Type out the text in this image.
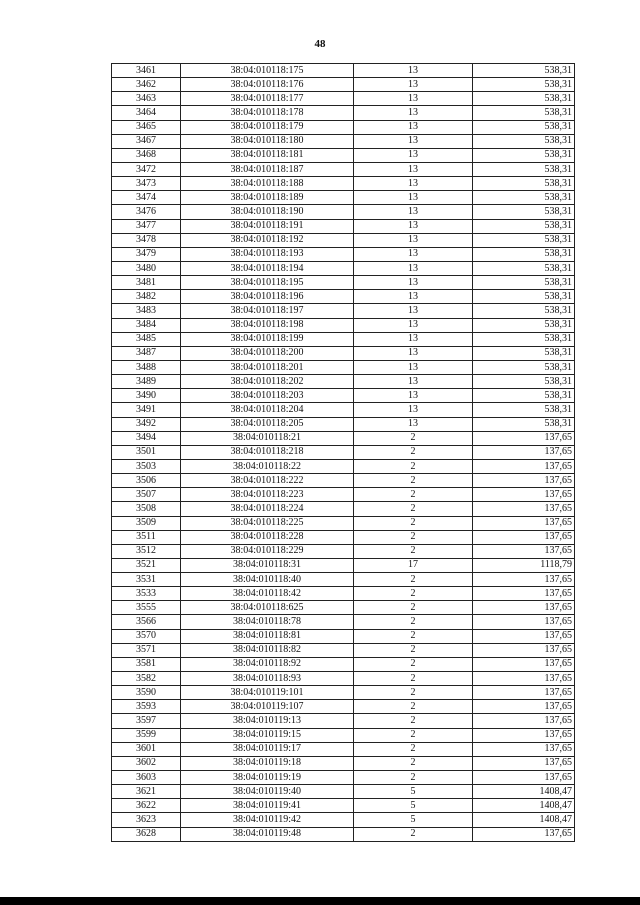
48
3461	38:04:010118:175	13	538,31
3462	38:04:010118:176	13	538,31
3463	38:04:010118:177	13	538,31
3464	38:04:010118:178	13	538,31
3465	38:04:010118:179	13	538,31
3467	38:04:010118:180	13	538,31
3468	38:04:010118:181	13	538,31
3472	38:04:010118:187	13	538,31
3473	38:04:010118:188	13	538,31
3474	38:04:010118:189	13	538,31
3476	38:04:010118:190	13	538,31
3477	38:04:010118:191	13	538,31
3478	38:04:010118:192	13	538,31
3479	38:04:010118:193	13	538,31
3480	38:04:010118:194	13	538,31
3481	38:04:010118:195	13	538,31
3482	38:04:010118:196	13	538,31
3483	38:04:010118:197	13	538,31
3484	38:04:010118:198	13	538,31
3485	38:04:010118:199	13	538,31
3487	38:04:010118:200	13	538,31
3488	38:04:010118:201	13	538,31
3489	38:04:010118:202	13	538,31
3490	38:04:010118:203	13	538,31
3491	38:04:010118:204	13	538,31
3492	38:04:010118:205	13	538,31
3494	38:04:010118:21	2	137,65
3501	38:04:010118:218	2	137,65
3503	38:04:010118:22	2	137,65
3506	38:04:010118:222	2	137,65
3507	38:04:010118:223	2	137,65
3508	38:04:010118:224	2	137,65
3509	38:04:010118:225	2	137,65
3511	38:04:010118:228	2	137,65
3512	38:04:010118:229	2	137,65
3521	38:04:010118:31	17	1118,79
3531	38:04:010118:40	2	137,65
3533	38:04:010118:42	2	137,65
3555	38:04:010118:625	2	137,65
3566	38:04:010118:78	2	137,65
3570	38:04:010118:81	2	137,65
3571	38:04:010118:82	2	137,65
3581	38:04:010118:92	2	137,65
3582	38:04:010118:93	2	137,65
3590	38:04:010119:101	2	137,65
3593	38:04:010119:107	2	137,65
3597	38:04:010119:13	2	137,65
3599	38:04:010119:15	2	137,65
3601	38:04:010119:17	2	137,65
3602	38:04:010119:18	2	137,65
3603	38:04:010119:19	2	137,65
3621	38:04:010119:40	5	1408,47
3622	38:04:010119:41	5	1408,47
3623	38:04:010119:42	5	1408,47
3628	38:04:010119:48	2	137,65
